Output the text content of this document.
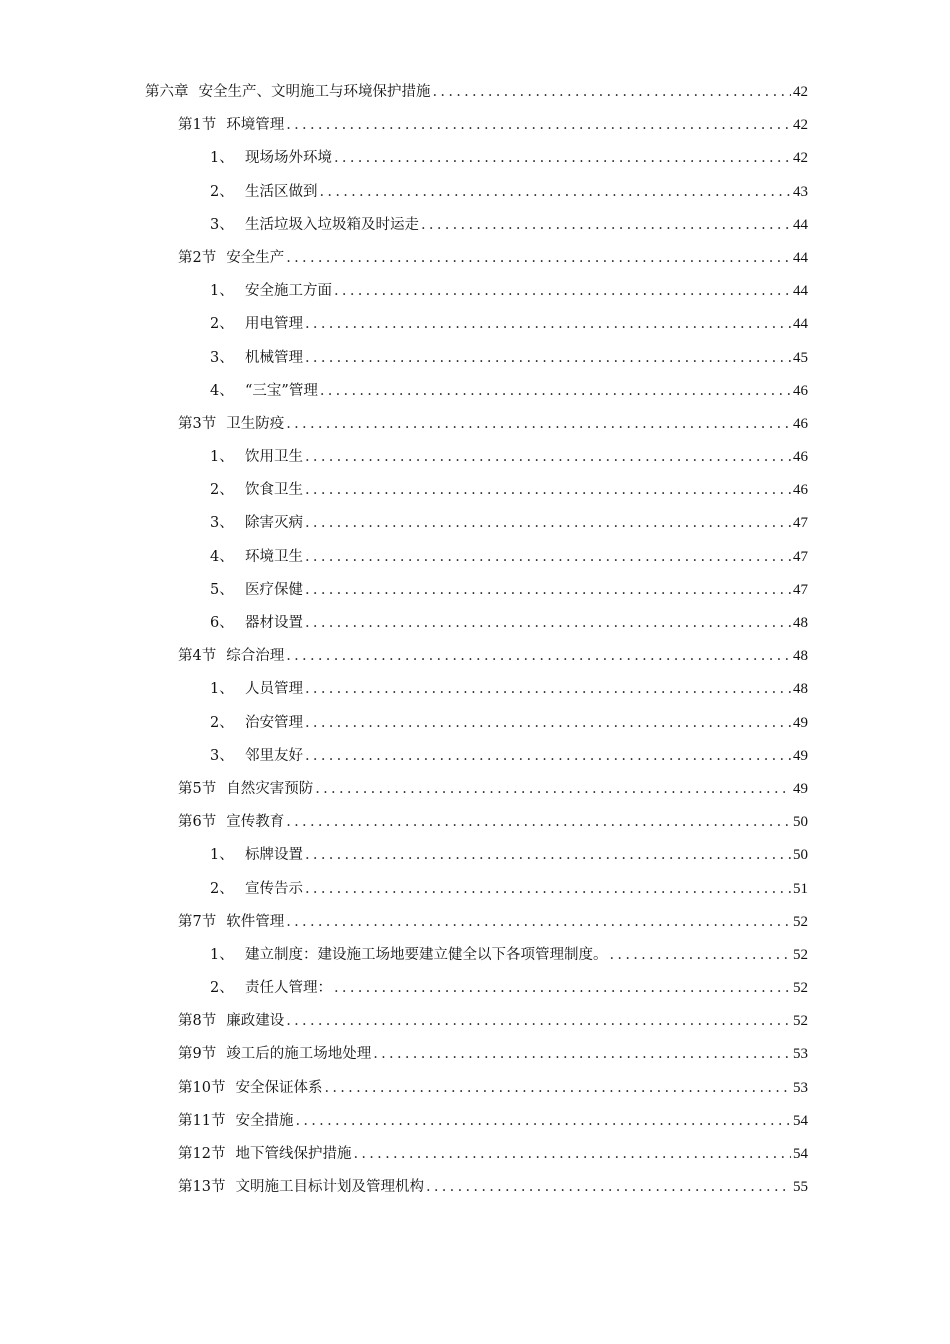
第六章 安全生产、文明施工与环境保护措施 .....	42
第1节 环境管理 .....	42
1、 现场场外环境 .....	42
2、 生活区做到 .....	43
3、 生活垃圾入垃圾箱及时运走 .....	44
第2节 安全生产 .....	44
1、 安全施工方面 .....	44
2、 用电管理 .....	44
3、 机械管理 .....	45
4、 “三宝”管理 .....	46
第3节 卫生防疫 .....	46
1、 饮用卫生 .....	46
2、 饮食卫生 .....	46
3、 除害灭病 .....	47
4、 环境卫生 .....	47
5、 医疗保健 .....	47
6、 器材设置 .....	48
第4节 综合治理 .....	48
1、 人员管理 .....	48
2、 治安管理 .....	49
3、 邻里友好 .....	49
第5节 自然灾害预防 .....	49
第6节 宣传教育 .....	50
1、 标牌设置 .....	50
2、 宣传告示 .....	51
第7节 软件管理 .....	52
1、 建立制度：建设施工场地要建立健全以下各项管理制度。 .....	52
2、 责任人管理： .....	52
第8节 廉政建设 .....	52
第9节 竣工后的施工场地处理 .....	53
第10节 安全保证体系 .....	53
第11节 安全措施 .....	54
第12节 地下管线保护措施 .....	54
第13节 文明施工目标计划及管理机构 .....	55
